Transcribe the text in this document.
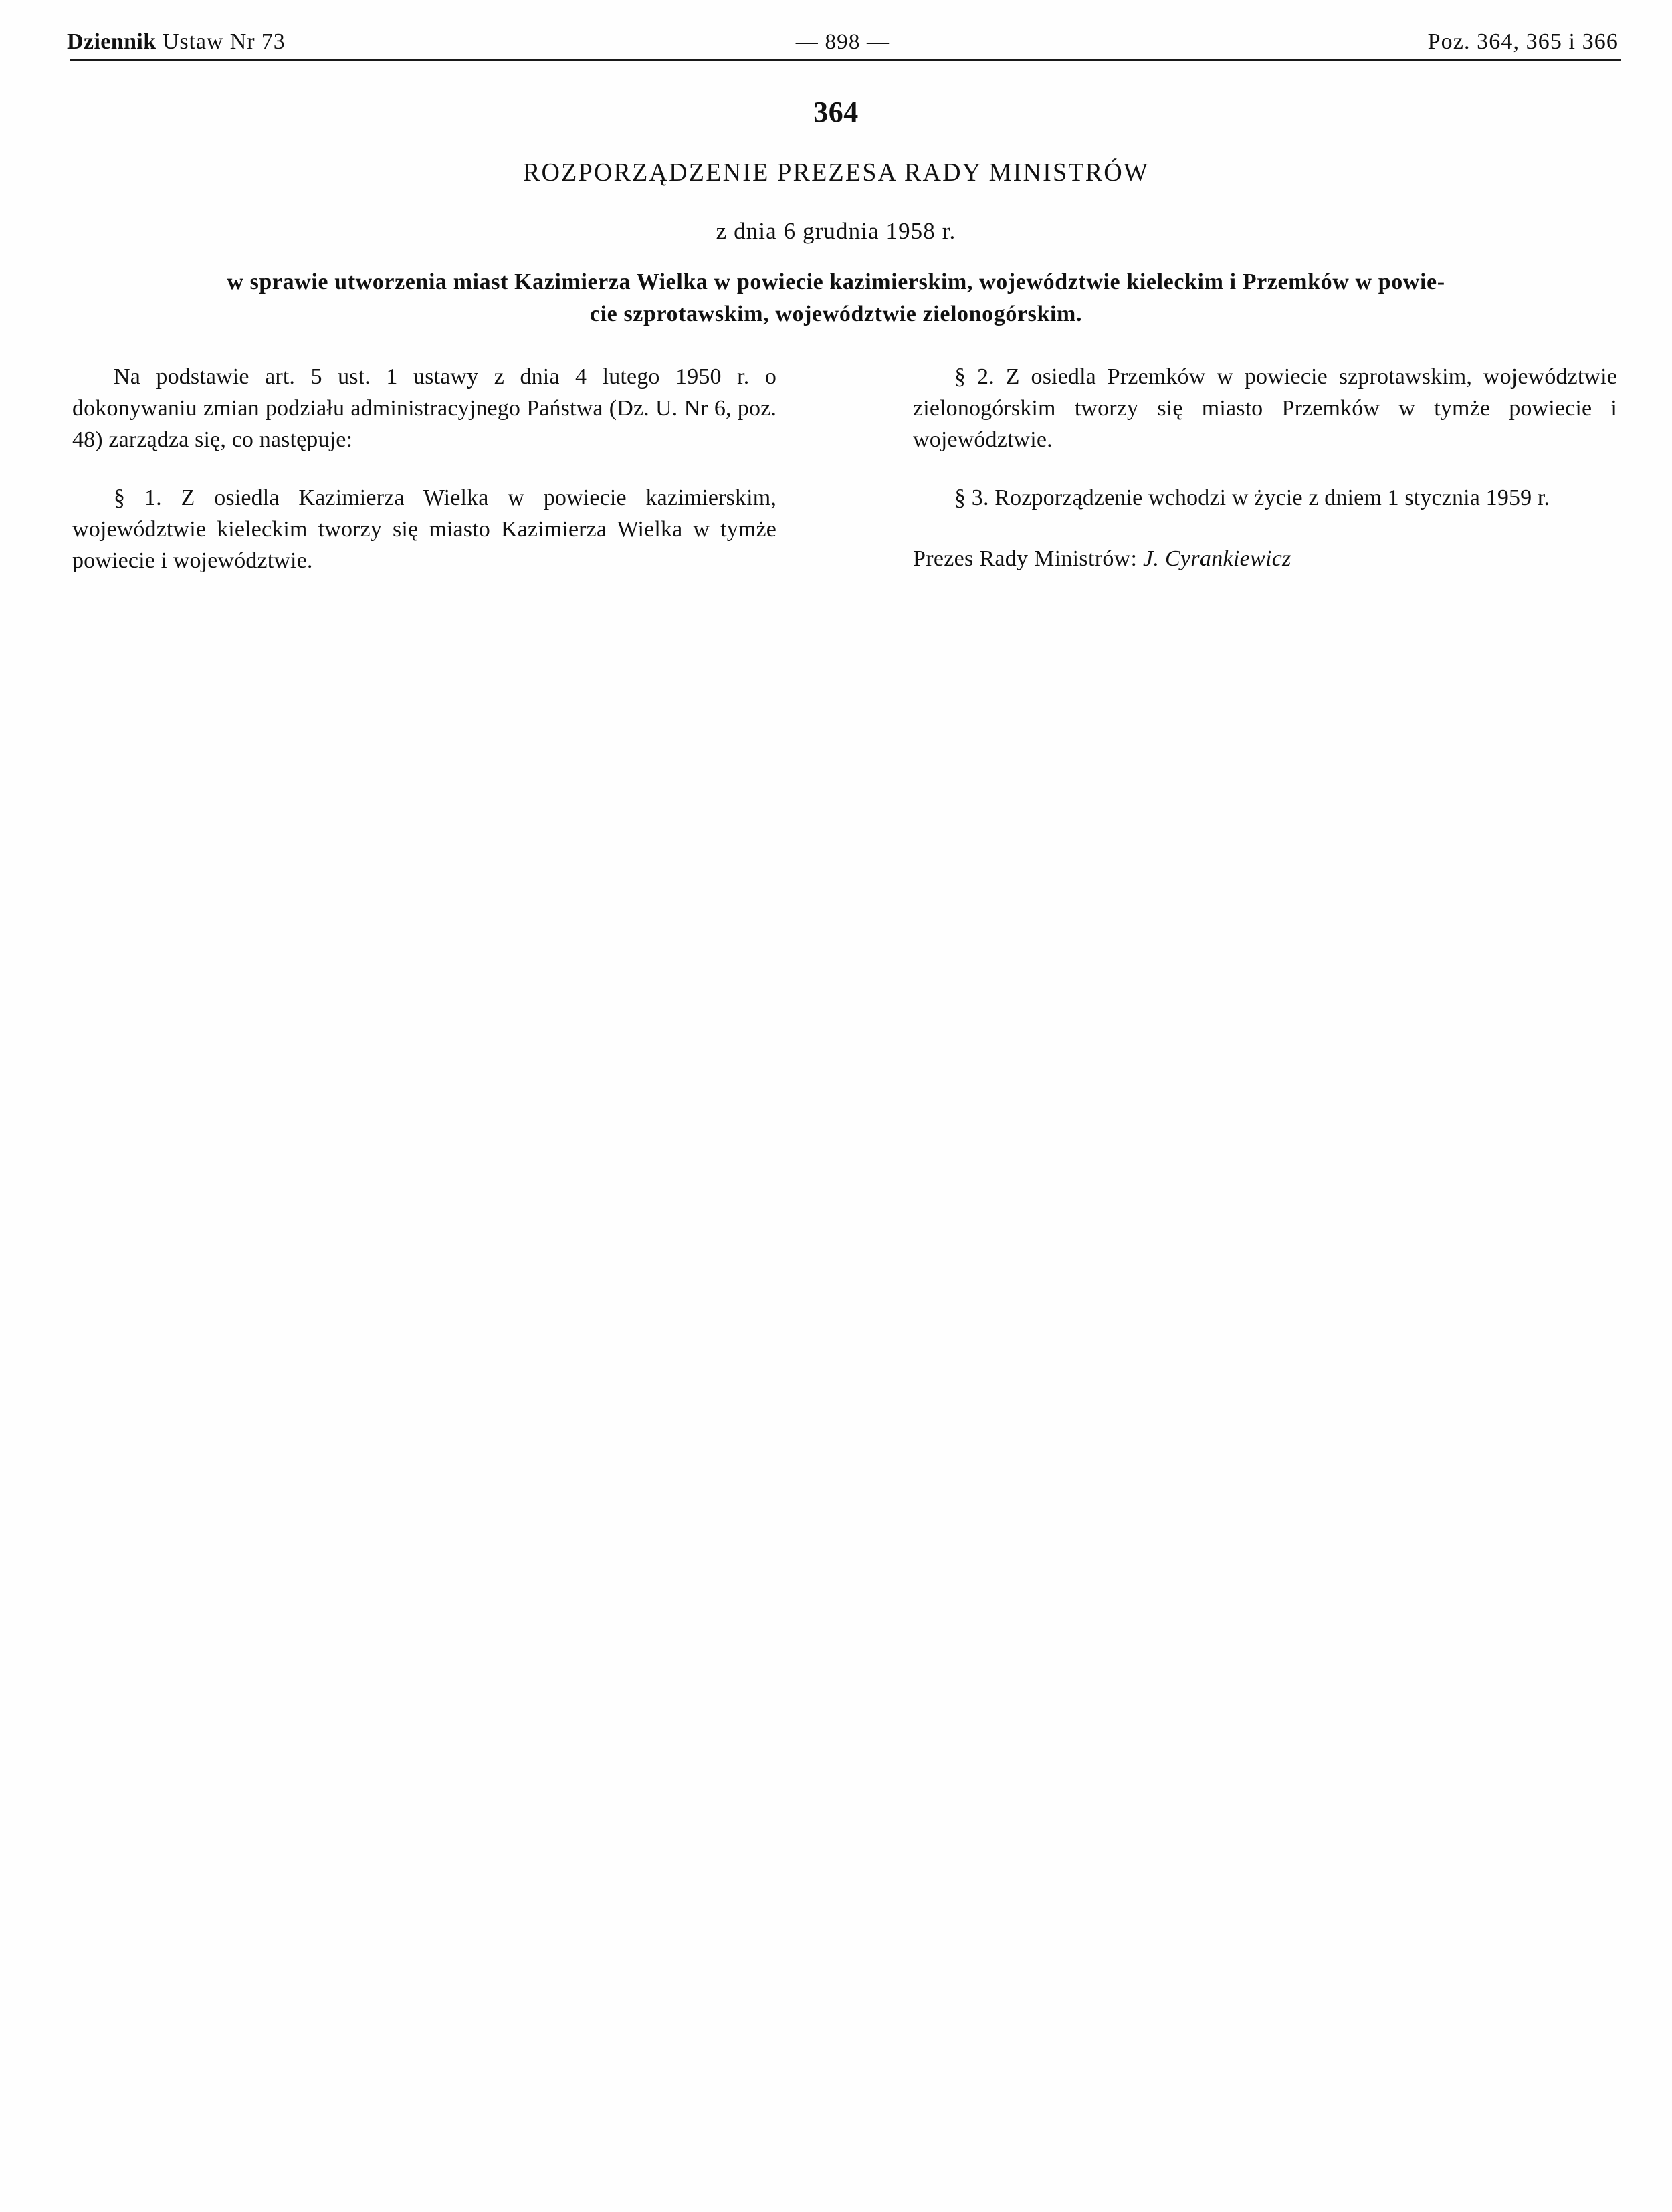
Dziennik Ustaw Nr 73	— 898 —	Poz. 364, 365 i 366
364
ROZPORZĄDZENIE PREZESA RADY MINISTRÓW
z dnia 6 grudnia 1958 r.
w sprawie utworzenia miast Kazimierza Wielka w powiecie kazimierskim, województwie kieleckim i Przemków w powie-
cie szprotawskim, województwie zielonogórskim.

Na podstawie art. 5 ust. 1 ustawy z dnia 4 lutego 1950 r. o dokonywaniu zmian podziału administracyjnego Państwa (Dz. U. Nr 6, poz. 48) zarządza się, co następuje:

§ 1. Z osiedla Kazimierza Wielka w powiecie kazimierskim, województwie kieleckim tworzy się miasto Kazimierza Wielka w tymże powiecie i województwie.

§ 2. Z osiedla Przemków w powiecie szprotawskim, województwie zielonogórskim tworzy się miasto Przemków w tymże powiecie i województwie.

§ 3. Rozporządzenie wchodzi w życie z dniem 1 stycznia 1959 r.

Prezes Rady Ministrów: J. Cyrankiewicz
